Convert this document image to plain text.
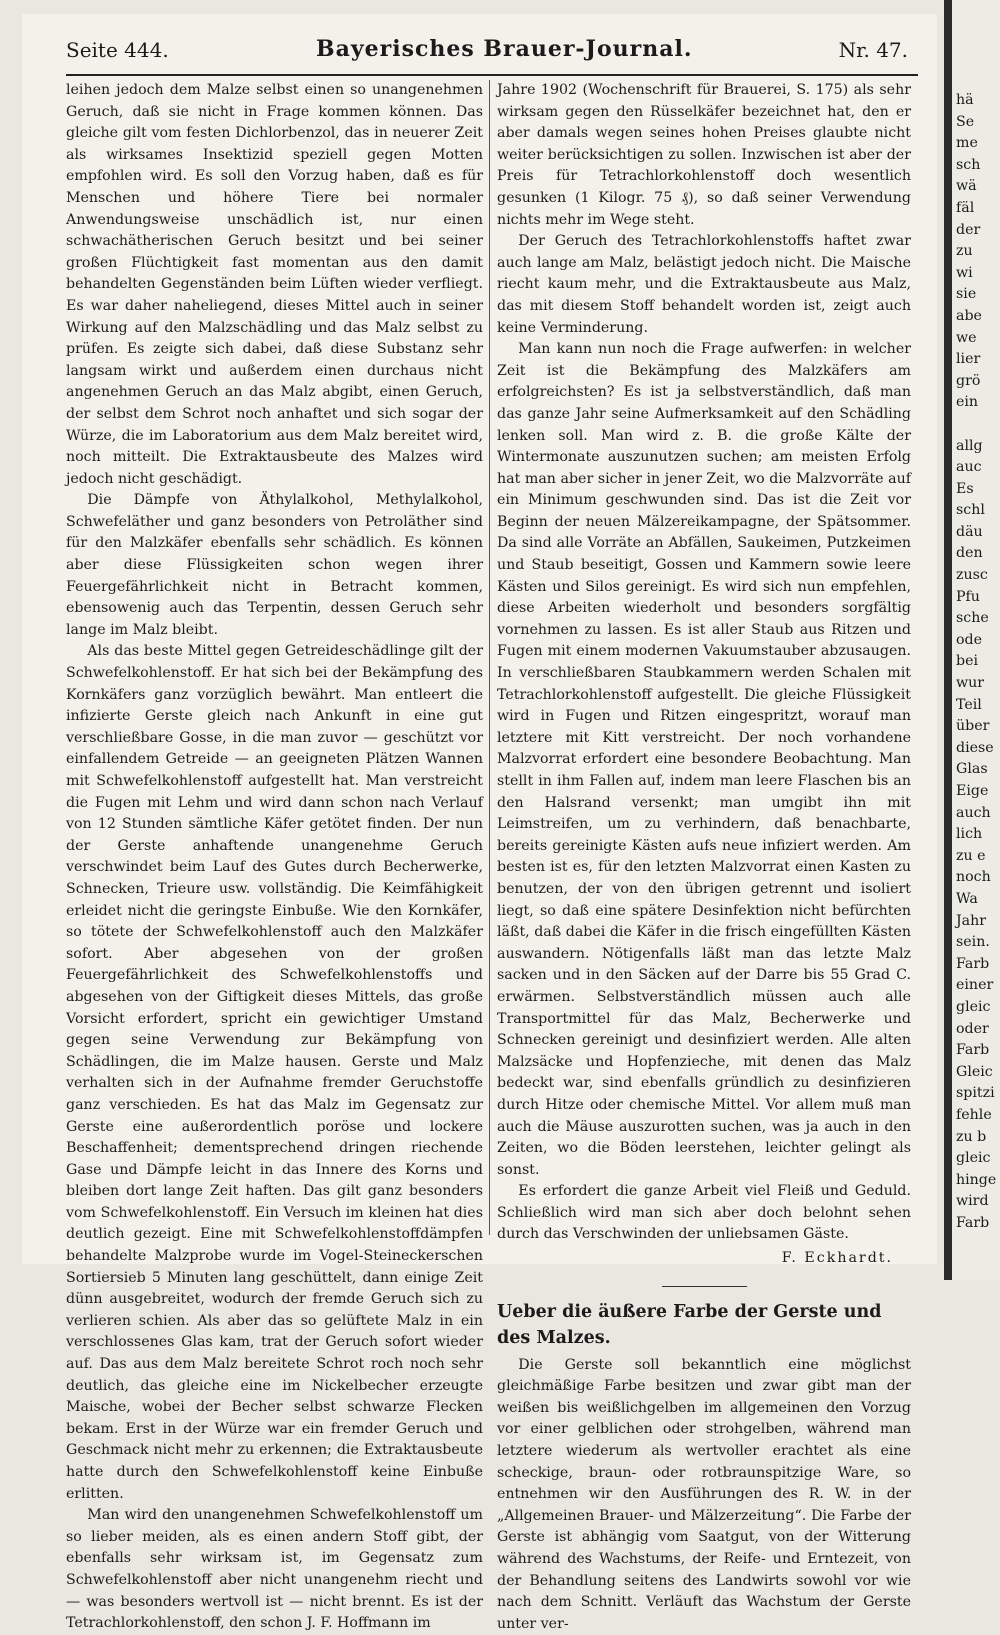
Seite 444.	Bayerisches Brauer-Journal.	Nr. 47.

leihen jedoch dem Malze selbst einen so unangenehmen Geruch, daß sie nicht in Frage kommen können. Das gleiche gilt vom festen Dichlorbenzol, das in neuerer Zeit als wirksames Insektizid speziell gegen Motten empfohlen wird. Es soll den Vorzug haben, daß es für Menschen und höhere Tiere bei normaler Anwendungsweise unschädlich ist, nur einen schwachätherischen Geruch besitzt und bei seiner großen Flüchtigkeit fast momentan aus den damit behandelten Gegenständen beim Lüften wieder verfliegt. Es war daher naheliegend, dieses Mittel auch in seiner Wirkung auf den Malzschädling und das Malz selbst zu prüfen. Es zeigte sich dabei, daß diese Substanz sehr langsam wirkt und außerdem einen durchaus nicht angenehmen Geruch an das Malz abgibt, einen Geruch, der selbst dem Schrot noch anhaftet und sich sogar der Würze, die im Laboratorium aus dem Malz bereitet wird, noch mitteilt. Die Extraktausbeute des Malzes wird jedoch nicht geschädigt.

Die Dämpfe von Äthylalkohol, Methylalkohol, Schwefeläther und ganz besonders von Petroläther sind für den Malzkäfer ebenfalls sehr schädlich. Es können aber diese Flüssigkeiten schon wegen ihrer Feuergefährlichkeit nicht in Betracht kommen, ebensowenig auch das Terpentin, dessen Geruch sehr lange im Malz bleibt.

Als das beste Mittel gegen Getreideschädlinge gilt der Schwefelkohlenstoff. Er hat sich bei der Bekämpfung des Kornkäfers ganz vorzüglich bewährt. Man entleert die infizierte Gerste gleich nach Ankunft in eine gut verschließbare Gosse, in die man zuvor — geschützt vor einfallendem Getreide — an geeigneten Plätzen Wannen mit Schwefelkohlenstoff aufgestellt hat. Man verstreicht die Fugen mit Lehm und wird dann schon nach Verlauf von 12 Stunden sämtliche Käfer getötet finden. Der nun der Gerste anhaftende unangenehme Geruch verschwindet beim Lauf des Gutes durch Becherwerke, Schnecken, Trieure usw. vollständig. Die Keimfähigkeit erleidet nicht die geringste Einbuße. Wie den Kornkäfer, so tötete der Schwefelkohlenstoff auch den Malzkäfer sofort. Aber abgesehen von der großen Feuergefährlichkeit des Schwefelkohlenstoffs und abgesehen von der Giftigkeit dieses Mittels, das große Vorsicht erfordert, spricht ein gewichtiger Umstand gegen seine Verwendung zur Bekämpfung von Schädlingen, die im Malze hausen. Gerste und Malz verhalten sich in der Aufnahme fremder Geruchstoffe ganz verschieden. Es hat das Malz im Gegensatz zur Gerste eine außerordentlich poröse und lockere Beschaffenheit; dementsprechend dringen riechende Gase und Dämpfe leicht in das Innere des Korns und bleiben dort lange Zeit haften. Das gilt ganz besonders vom Schwefelkohlenstoff. Ein Versuch im kleinen hat dies deutlich gezeigt. Eine mit Schwefelkohlenstoffdämpfen behandelte Malzprobe wurde im Vogel-Steineckerschen Sortiersieb 5 Minuten lang geschüttelt, dann einige Zeit dünn ausgebreitet, wodurch der fremde Geruch sich zu verlieren schien. Als aber das so gelüftete Malz in ein verschlossenes Glas kam, trat der Geruch sofort wieder auf. Das aus dem Malz bereitete Schrot roch noch sehr deutlich, das gleiche eine im Nickelbecher erzeugte Maische, wobei der Becher selbst schwarze Flecken bekam. Erst in der Würze war ein fremder Geruch und Geschmack nicht mehr zu erkennen; die Extraktausbeute hatte durch den Schwefelkohlenstoff keine Einbuße erlitten.

Man wird den unangenehmen Schwefelkohlenstoff um so lieber meiden, als es einen andern Stoff gibt, der ebenfalls sehr wirksam ist, im Gegensatz zum Schwefelkohlenstoff aber nicht unangenehm riecht und — was besonders wertvoll ist — nicht brennt. Es ist der Tetrachlorkohlenstoff, den schon J. F. Hoffmann im

Jahre 1902 (Wochenschrift für Brauerei, S. 175) als sehr wirksam gegen den Rüsselkäfer bezeichnet hat, den er aber damals wegen seines hohen Preises glaubte nicht weiter berücksichtigen zu sollen. Inzwischen ist aber der Preis für Tetrachlorkohlenstoff doch wesentlich gesunken (1 Kilogr. 75 ₰), so daß seiner Verwendung nichts mehr im Wege steht.

Der Geruch des Tetrachlorkohlenstoffs haftet zwar auch lange am Malz, belästigt jedoch nicht. Die Maische riecht kaum mehr, und die Extraktausbeute aus Malz, das mit diesem Stoff behandelt worden ist, zeigt auch keine Verminderung.

Man kann nun noch die Frage aufwerfen: in welcher Zeit ist die Bekämpfung des Malzkäfers am erfolgreichsten? Es ist ja selbstverständlich, daß man das ganze Jahr seine Aufmerksamkeit auf den Schädling lenken soll. Man wird z. B. die große Kälte der Wintermonate auszunutzen suchen; am meisten Erfolg hat man aber sicher in jener Zeit, wo die Malzvorräte auf ein Minimum geschwunden sind. Das ist die Zeit vor Beginn der neuen Mälzereikampagne, der Spätsommer. Da sind alle Vorräte an Abfällen, Saukeimen, Putzkeimen und Staub beseitigt, Gossen und Kammern sowie leere Kästen und Silos gereinigt. Es wird sich nun empfehlen, diese Arbeiten wiederholt und besonders sorgfältig vornehmen zu lassen. Es ist aller Staub aus Ritzen und Fugen mit einem modernen Vakuumstauber abzusaugen. In verschließbaren Staubkammern werden Schalen mit Tetrachlorkohlenstoff aufgestellt. Die gleiche Flüssigkeit wird in Fugen und Ritzen eingespritzt, worauf man letztere mit Kitt verstreicht. Der noch vorhandene Malzvorrat erfordert eine besondere Beobachtung. Man stellt in ihm Fallen auf, indem man leere Flaschen bis an den Halsrand versenkt; man umgibt ihn mit Leimstreifen, um zu verhindern, daß benachbarte, bereits gereinigte Kästen aufs neue infiziert werden. Am besten ist es, für den letzten Malzvorrat einen Kasten zu benutzen, der von den übrigen getrennt und isoliert liegt, so daß eine spätere Desinfektion nicht befürchten läßt, daß dabei die Käfer in die frisch eingefüllten Kästen auswandern. Nötigenfalls läßt man das letzte Malz sacken und in den Säcken auf der Darre bis 55 Grad C. erwärmen. Selbstverständlich müssen auch alle Transportmittel für das Malz, Becherwerke und Schnecken gereinigt und desinfiziert werden. Alle alten Malzsäcke und Hopfenzieche, mit denen das Malz bedeckt war, sind ebenfalls gründlich zu desinfizieren durch Hitze oder chemische Mittel. Vor allem muß man auch die Mäuse auszurotten suchen, was ja auch in den Zeiten, wo die Böden leerstehen, leichter gelingt als sonst.

Es erfordert die ganze Arbeit viel Fleiß und Geduld. Schließlich wird man sich aber doch belohnt sehen durch das Verschwinden der unliebsamen Gäste.

F. Eckhardt.
Ueber die äußere Farbe der Gerste und des Malzes.

Die Gerste soll bekanntlich eine möglichst gleichmäßige Farbe besitzen und zwar gibt man der weißen bis weißlichgelben im allgemeinen den Vorzug vor einer gelblichen oder strohgelben, während man letztere wiederum als wertvoller erachtet als eine scheckige, braun- oder rotbraunspitzige Ware, so entnehmen wir den Ausführungen des R. W. in der „Allgemeinen Brauer- und Mälzerzeitung“. Die Farbe der Gerste ist abhängig vom Saatgut, von der Witterung während des Wachstums, der Reife- und Erntezeit, von der Behandlung seitens des Landwirts sowohl vor wie nach dem Schnitt. Verläuft das Wachstum der Gerste unter ver-

hä
Se
me
sch
wä
fäl
der
zu
wi
sie
abe
we
lier
grö
ein
allg
auc
Es
schl
däu
den
zusc
Pfu
sche
ode
bei
wur
Teil
über
diese
Glas
Eige
auch
lich
zu e
noch
Wa
Jahr
sein.
Farb
einer
gleic
oder
Farb
Gleic
spitzi
fehle
zu b
gleic
hinge
wird
Farb
